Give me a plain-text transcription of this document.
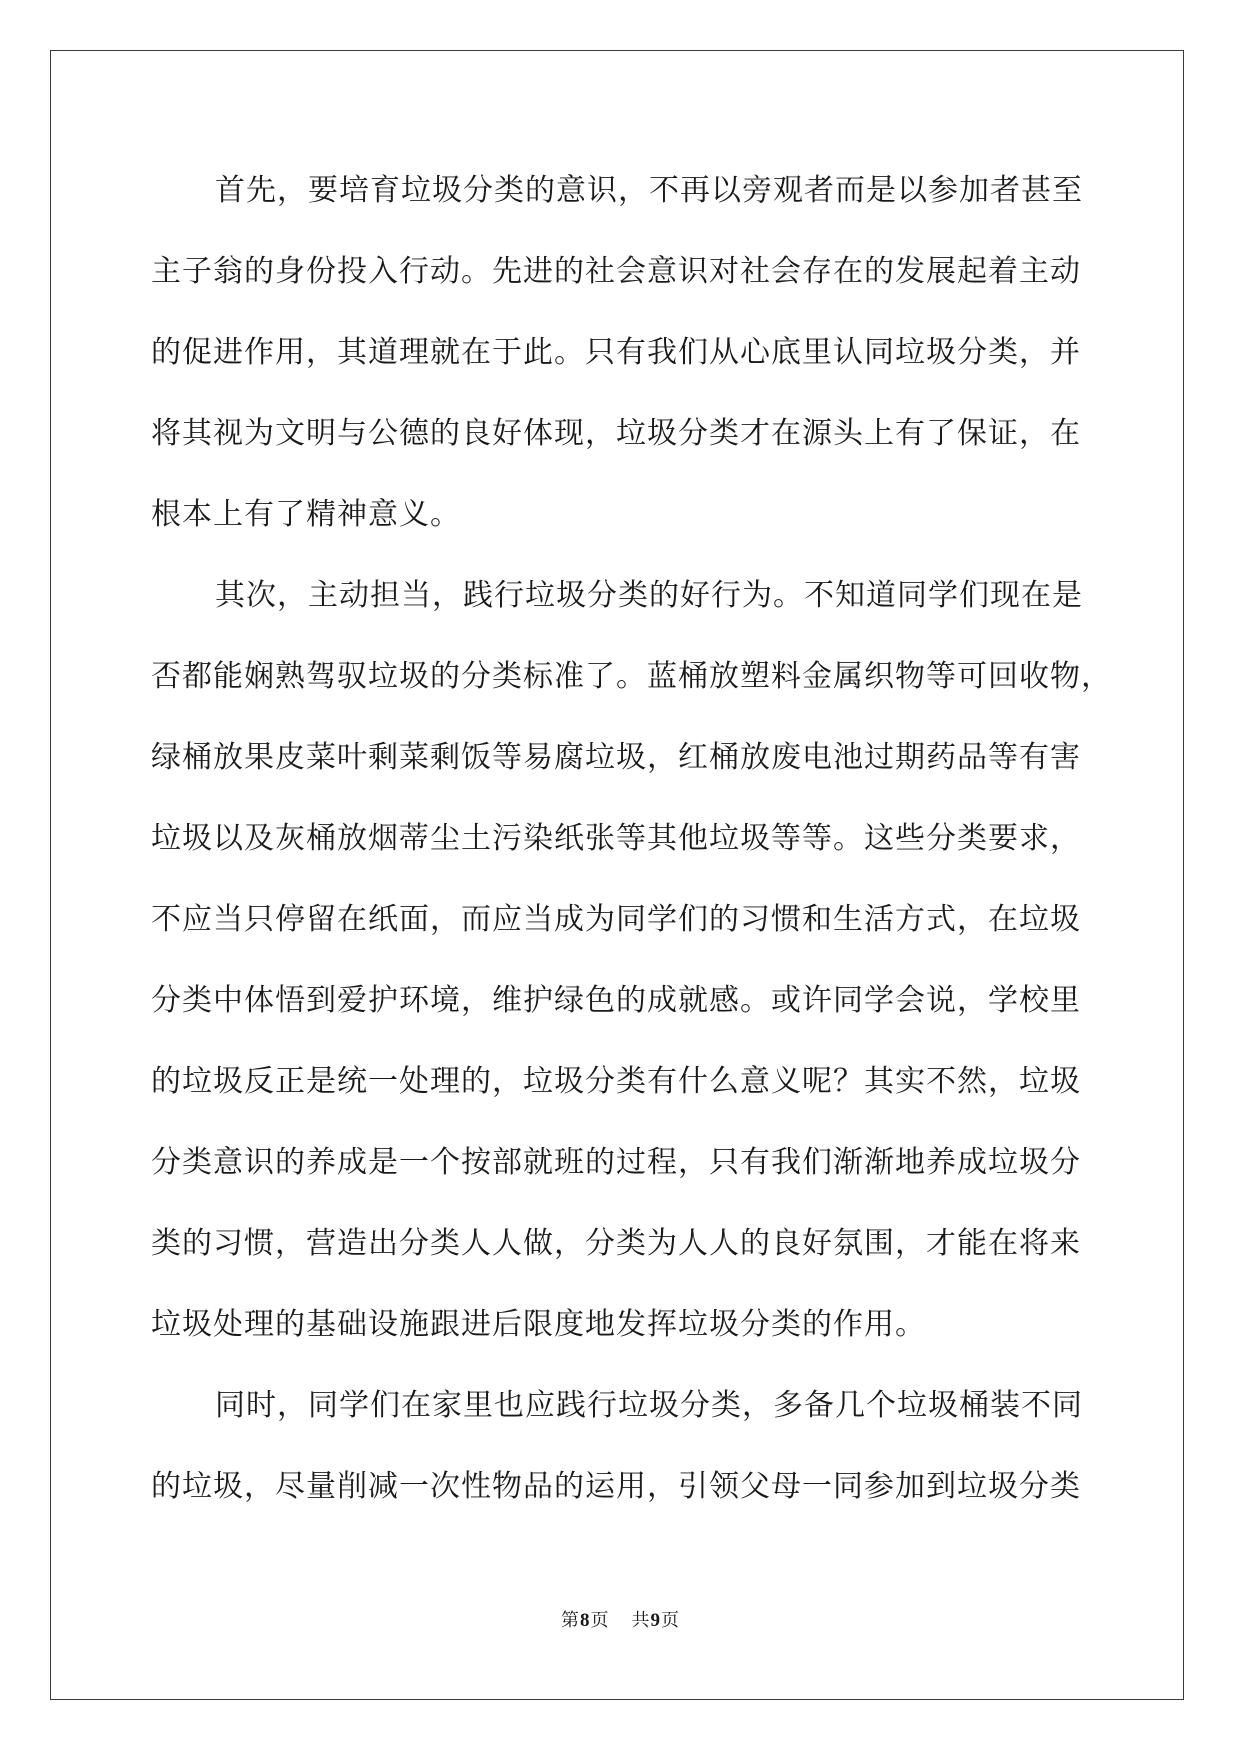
首先，要培育垃圾分类的意识，不再以旁观者而是以参加者甚至
主子翁的身份投入行动。先进的社会意识对社会存在的发展起着主动
的促进作用，其道理就在于此。只有我们从心底里认同垃圾分类，并
将其视为文明与公德的良好体现，垃圾分类才在源头上有了保证，在
根本上有了精神意义。
其次，主动担当，践行垃圾分类的好行为。不知道同学们现在是
否都能娴熟驾驭垃圾的分类标准了。蓝桶放塑料金属织物等可回收物，
绿桶放果皮菜叶剩菜剩饭等易腐垃圾，红桶放废电池过期药品等有害
垃圾以及灰桶放烟蒂尘土污染纸张等其他垃圾等等。这些分类要求，
不应当只停留在纸面，而应当成为同学们的习惯和生活方式，在垃圾
分类中体悟到爱护环境，维护绿色的成就感。或许同学会说，学校里
的垃圾反正是统一处理的，垃圾分类有什么意义呢？其实不然，垃圾
分类意识的养成是一个按部就班的过程，只有我们渐渐地养成垃圾分
类的习惯，营造出分类人人做，分类为人人的良好氛围，才能在将来
垃圾处理的基础设施跟进后限度地发挥垃圾分类的作用。
同时，同学们在家里也应践行垃圾分类，多备几个垃圾桶装不同
的垃圾，尽量削减一次性物品的运用，引领父母一同参加到垃圾分类
第8页 共9页
